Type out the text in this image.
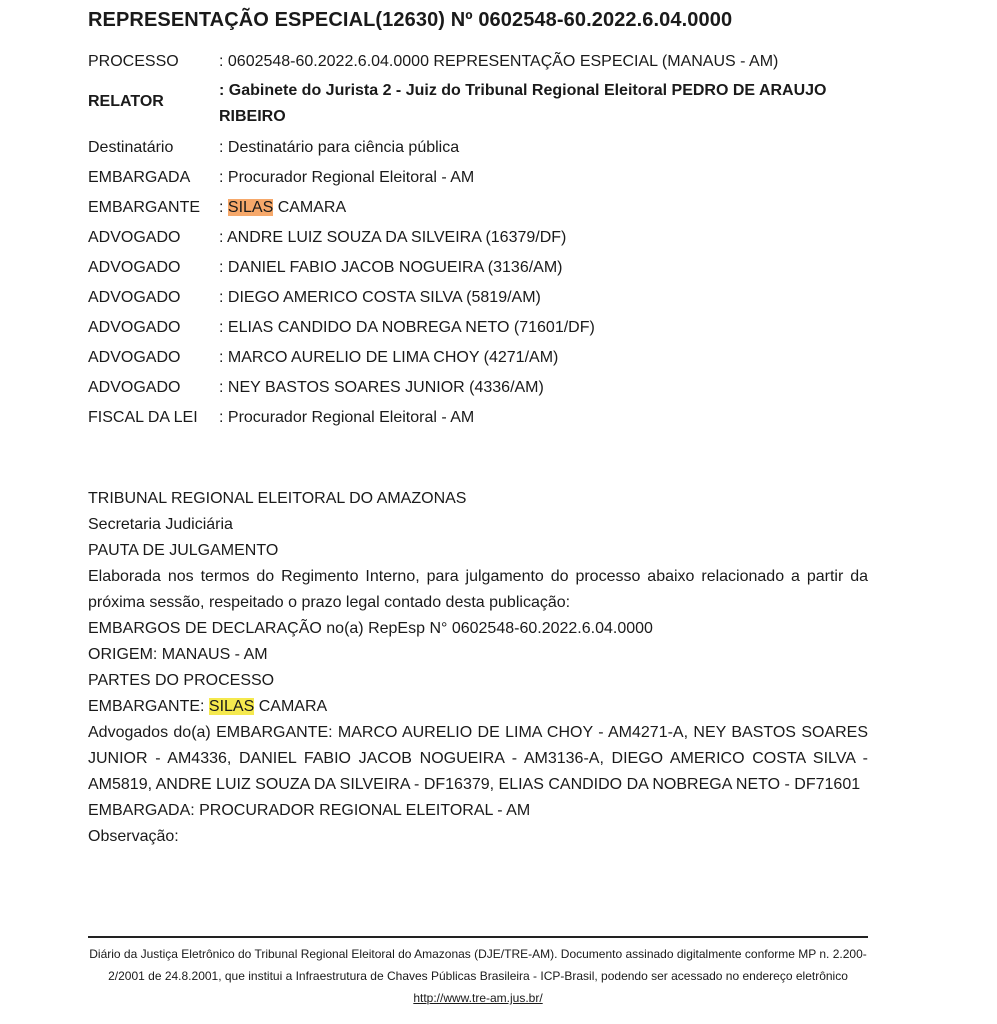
REPRESENTAÇÃO ESPECIAL(12630) Nº 0602548-60.2022.6.04.0000
PROCESSO	: 0602548-60.2022.6.04.0000 REPRESENTAÇÃO ESPECIAL (MANAUS - AM)
RELATOR
: Gabinete do Jurista 2 - Juiz do Tribunal Regional Eleitoral PEDRO DE ARAUJO RIBEIRO
Destinatário	: Destinatário para ciência pública
EMBARGADA : Procurador Regional Eleitoral - AM
EMBARGANTE : SILAS CAMARA
ADVOGADO : ANDRE LUIZ SOUZA DA SILVEIRA (16379/DF)
ADVOGADO : DANIEL FABIO JACOB NOGUEIRA (3136/AM)
ADVOGADO : DIEGO AMERICO COSTA SILVA (5819/AM)
ADVOGADO : ELIAS CANDIDO DA NOBREGA NETO (71601/DF)
ADVOGADO : MARCO AURELIO DE LIMA CHOY (4271/AM)
ADVOGADO : NEY BASTOS SOARES JUNIOR (4336/AM)
FISCAL DA LEI : Procurador Regional Eleitoral - AM
TRIBUNAL REGIONAL ELEITORAL DO AMAZONAS
Secretaria Judiciária
PAUTA DE JULGAMENTO
Elaborada nos termos do Regimento Interno, para julgamento do processo abaixo relacionado a partir da próxima sessão, respeitado o prazo legal contado desta publicação:
EMBARGOS DE DECLARAÇÃO no(a) RepEsp N° 0602548-60.2022.6.04.0000
ORIGEM: MANAUS - AM
PARTES DO PROCESSO
EMBARGANTE: SILAS CAMARA
Advogados do(a) EMBARGANTE: MARCO AURELIO DE LIMA CHOY - AM4271-A, NEY BASTOS SOARES JUNIOR - AM4336, DANIEL FABIO JACOB NOGUEIRA - AM3136-A, DIEGO AMERICO COSTA SILVA - AM5819, ANDRE LUIZ SOUZA DA SILVEIRA - DF16379, ELIAS CANDIDO DA NOBREGA NETO - DF71601
EMBARGADA: PROCURADOR REGIONAL ELEITORAL - AM
Observação:
Diário da Justiça Eletrônico do Tribunal Regional Eleitoral do Amazonas (DJE/TRE-AM). Documento assinado digitalmente conforme MP n. 2.200-2/2001 de 24.8.2001, que institui a Infraestrutura de Chaves Públicas Brasileira - ICP-Brasil, podendo ser acessado no endereço eletrônico http://www.tre-am.jus.br/
